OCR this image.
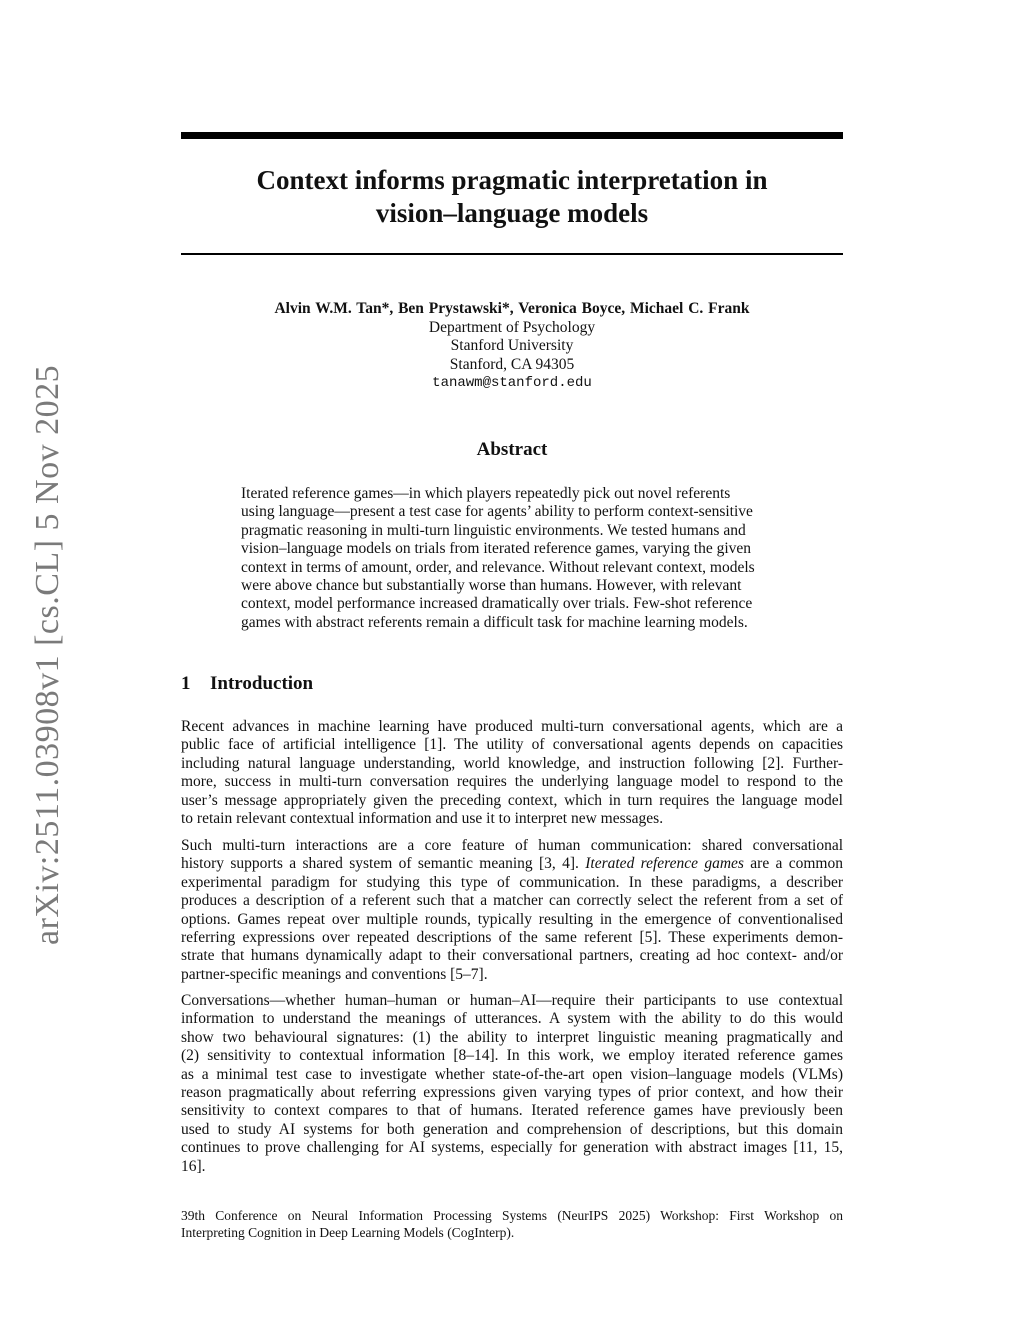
arXiv:2511.03908v1 [cs.CL] 5 Nov 2025
Context informs pragmatic interpretation in
vision–language models
Alvin W.M. Tan*, Ben Prystawski*, Veronica Boyce, Michael C. Frank
Department of Psychology
Stanford University
Stanford, CA 94305
tanawm@stanford.edu
Abstract
Iterated reference games—in which players repeatedly pick out novel referents
using language—present a test case for agents’ ability to perform context-sensitive
pragmatic reasoning in multi-turn linguistic environments. We tested humans and
vision–language models on trials from iterated reference games, varying the given
context in terms of amount, order, and relevance. Without relevant context, models
were above chance but substantially worse than humans. However, with relevant
context, model performance increased dramatically over trials. Few-shot reference
games with abstract referents remain a difficult task for machine learning models.
1 Introduction
Recent advances in machine learning have produced multi-turn conversational agents, which are a
public face of artificial intelligence [1]. The utility of conversational agents depends on capacities
including natural language understanding, world knowledge, and instruction following [2]. Further-
more, success in multi-turn conversation requires the underlying language model to respond to the
user’s message appropriately given the preceding context, which in turn requires the language model
to retain relevant contextual information and use it to interpret new messages.
Such multi-turn interactions are a core feature of human communication: shared conversational
history supports a shared system of semantic meaning [3, 4]. Iterated reference games are a common
experimental paradigm for studying this type of communication. In these paradigms, a describer
produces a description of a referent such that a matcher can correctly select the referent from a set of
options. Games repeat over multiple rounds, typically resulting in the emergence of conventionalised
referring expressions over repeated descriptions of the same referent [5]. These experiments demon-
strate that humans dynamically adapt to their conversational partners, creating ad hoc context- and/or
partner-specific meanings and conventions [5–7].
Conversations—whether human–human or human–AI—require their participants to use contextual
information to understand the meanings of utterances. A system with the ability to do this would
show two behavioural signatures: (1) the ability to interpret linguistic meaning pragmatically and
(2) sensitivity to contextual information [8–14]. In this work, we employ iterated reference games
as a minimal test case to investigate whether state-of-the-art open vision–language models (VLMs)
reason pragmatically about referring expressions given varying types of prior context, and how their
sensitivity to context compares to that of humans. Iterated reference games have previously been
used to study AI systems for both generation and comprehension of descriptions, but this domain
continues to prove challenging for AI systems, especially for generation with abstract images [11, 15,
16].
39th Conference on Neural Information Processing Systems (NeurIPS 2025) Workshop: First Workshop on
Interpreting Cognition in Deep Learning Models (CogInterp).
